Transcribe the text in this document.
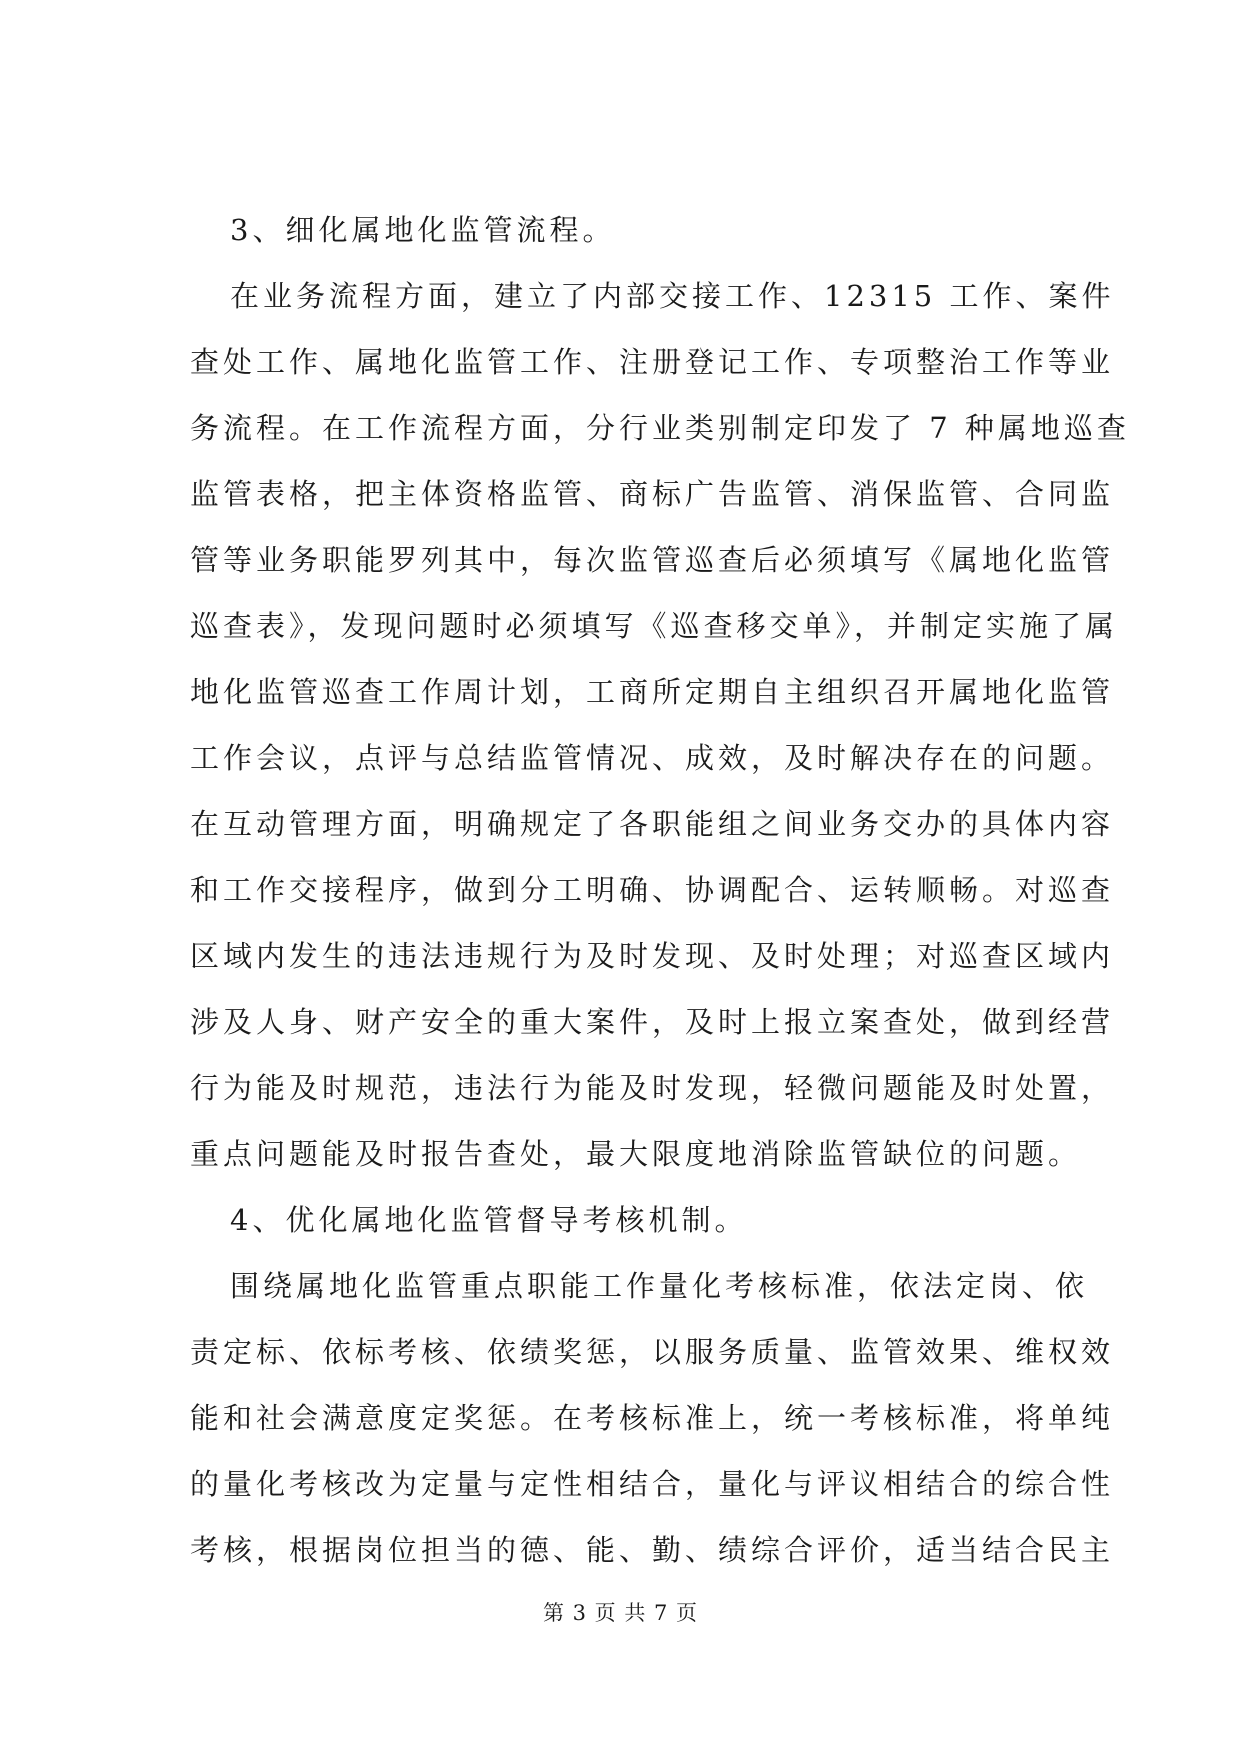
3、细化属地化监管流程。
在业务流程方面，建立了内部交接工作、12315 工作、案件
查处工作、属地化监管工作、注册登记工作、专项整治工作等业
务流程。在工作流程方面，分行业类别制定印发了 7 种属地巡查
监管表格，把主体资格监管、商标广告监管、消保监管、合同监
管等业务职能罗列其中，每次监管巡查后必须填写《属地化监管
巡查表》，发现问题时必须填写《巡查移交单》，并制定实施了属
地化监管巡查工作周计划，工商所定期自主组织召开属地化监管
工作会议，点评与总结监管情况、成效，及时解决存在的问题。
在互动管理方面，明确规定了各职能组之间业务交办的具体内容
和工作交接程序，做到分工明确、协调配合、运转顺畅。对巡查
区域内发生的违法违规行为及时发现、及时处理；对巡查区域内
涉及人身、财产安全的重大案件，及时上报立案查处，做到经营
行为能及时规范，违法行为能及时发现，轻微问题能及时处置，
重点问题能及时报告查处，最大限度地消除监管缺位的问题。
4、优化属地化监管督导考核机制。
围绕属地化监管重点职能工作量化考核标准，依法定岗、依
责定标、依标考核、依绩奖惩，以服务质量、监管效果、维权效
能和社会满意度定奖惩。在考核标准上，统一考核标准，将单纯
的量化考核改为定量与定性相结合，量化与评议相结合的综合性
考核，根据岗位担当的德、能、勤、绩综合评价，适当结合民主
第 3 页 共 7 页
